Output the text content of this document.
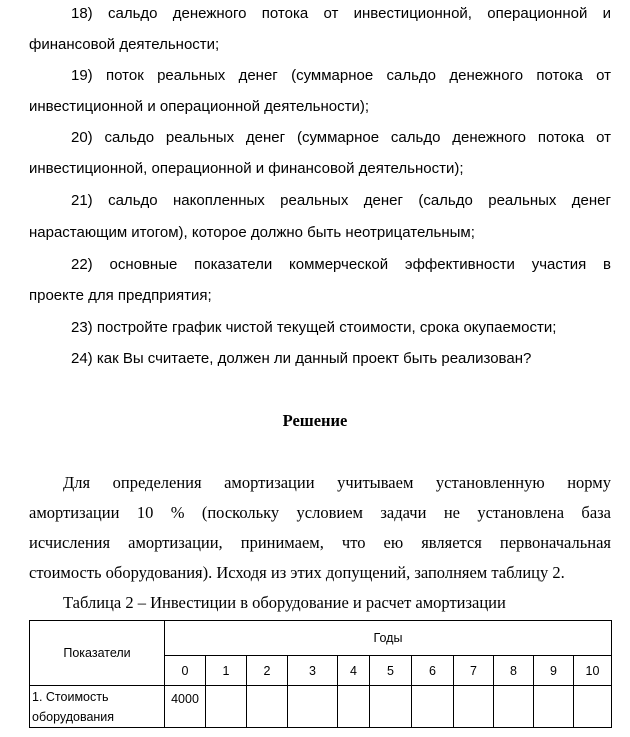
18) сальдо денежного потока от инвестиционной, операционной и
финансовой деятельности;
19) поток реальных денег (суммарное сальдо денежного потока от
инвестиционной и операционной деятельности);
20) сальдо реальных денег (суммарное сальдо денежного потока от
инвестиционной, операционной и финансовой деятельности);
21) сальдо накопленных реальных денег (сальдо реальных денег
нарастающим итогом), которое должно быть неотрицательным;
22) основные показатели коммерческой эффективности участия в
проекте для предприятия;
23) постройте график чистой текущей стоимости, срока окупаемости;
24) как Вы считаете, должен ли данный проект быть реализован?
Решение
Для определения амортизации учитываем установленную норму
амортизации 10 % (поскольку условием задачи не установлена база
исчисления амортизации, принимаем, что ею является первоначальная
стоимость оборудования). Исходя из этих допущений, заполняем таблицу 2.
Таблица 2 – Инвестиции в оборудование и расчет амортизации
Показатели	Годы										
	0	1	2	3	4	5	6	7	8	9	10

1. Стоимость
оборудования	4000										
